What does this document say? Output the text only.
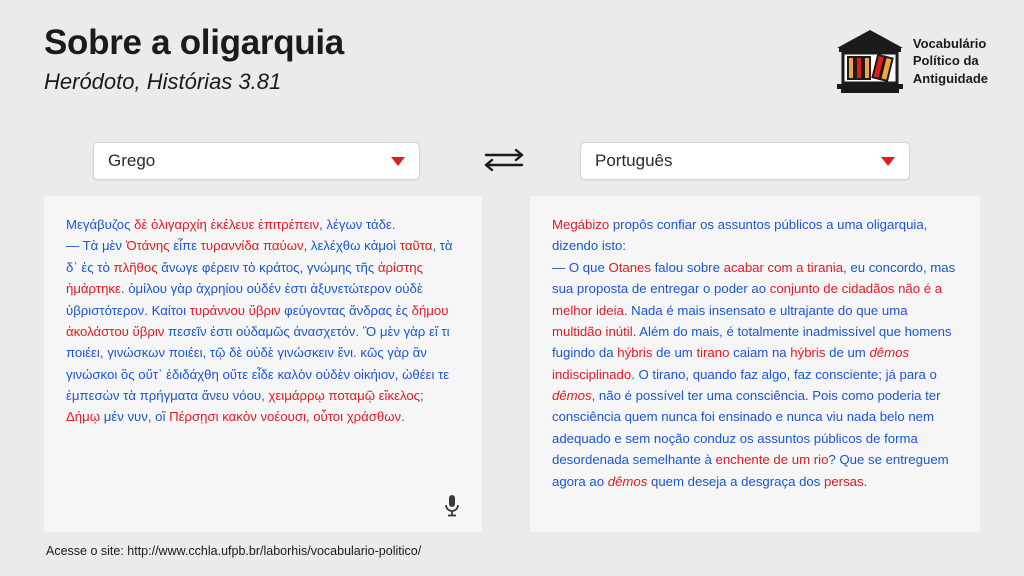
Sobre a oligarquia
Heródoto, Histórias 3.81
Vocabulário
Político da
Antiguidade
Grego	Português
Μεγάβυζος δὲ ὀλιγαρχίη ἐκέλευε ἐπιτρέπειν, λέγων τάδε.
— Τὰ μὲν Ὀτάνης εἶπε τυραννίδα παύων, λελέχθω κἀμοὶ ταῦτα, τὰ δ᾽ ἐς τὸ πλῆθος ἄνωγε φέρειν τὸ κράτος, γνώμης τῆς ἀρίστης ἡμάρτηκε. ὁμίλου γὰρ ἀχρηίου οὐδέν ἐστι ἀξυνετώτερον οὐδὲ ὑβριστότερον. Καίτοι τυράννου ὕβριν φεύγοντας ἄνδρας ἐς δήμου ἀκολάστου ὕβριν πεσεῖν ἐστι οὐδαμῶς ἀνασχετόν. Ὃ μὲν γὰρ εἴ τι ποιέει, γινώσκων ποιέει, τῷ δὲ οὐδὲ γινώσκειν ἔνι. κῶς γὰρ ἂν γινώσκοι ὃς οὔτ᾽ ἐδιδάχθη οὔτε εἶδε καλὸν οὐδὲν οἰκήιον, ὠθέει τε ἐμπεσὼν τὰ πρήγματα ἄνευ νόου, χειμάρρῳ ποταμῷ εἴκελος; Δήμῳ μέν νυν, οἳ Πέρσῃσι κακὸν νοέουσι, οὗτοι χράσθων.
Megábizo propôs confiar os assuntos públicos a uma oligarquia, dizendo isto:
— O que Otanes falou sobre acabar com a tirania, eu concordo, mas sua proposta de entregar o poder ao conjunto de cidadãos não é a melhor ideia. Nada é mais insensato e ultrajante do que uma multidão inútil. Além do mais, é totalmente inadmissível que homens fugindo da hýbris de um tirano caiam na hýbris de um dêmos indisciplinado. O tirano, quando faz algo, faz consciente; já para o dêmos, não é possível ter uma consciência. Pois como poderia ter consciência quem nunca foi ensinado e nunca viu nada belo nem adequado e sem noção conduz os assuntos públicos de forma desordenada semelhante à enchente de um rio? Que se entreguem agora ao dêmos quem deseja a desgraça dos persas.
Acesse o site: http://www.cchla.ufpb.br/laborhis/vocabulario-politico/
